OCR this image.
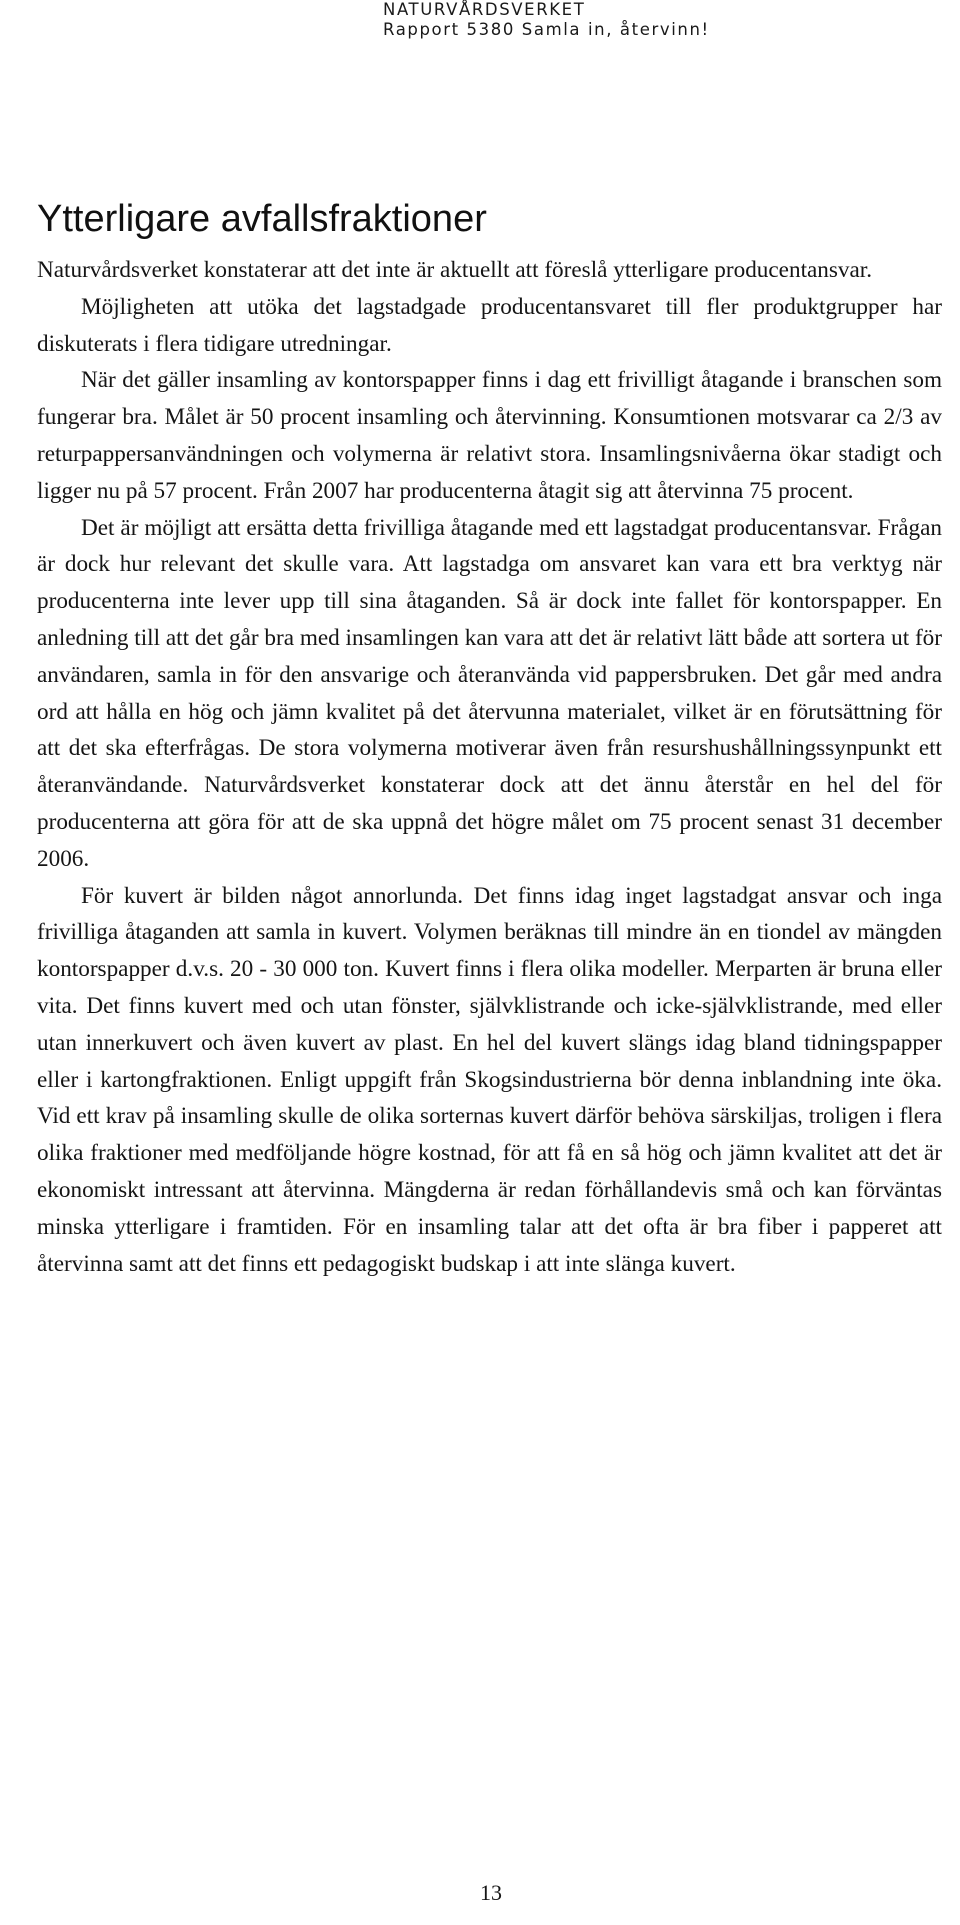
NATURVÅRDSVERKET
Rapport 5380 Samla in, återvinn!
Ytterligare avfallsfraktioner

Naturvårdsverket konstaterar att det inte är aktuellt att föreslå ytterligare producentansvar.

Möjligheten att utöka det lagstadgade producentansvaret till fler produktgrupper har diskuterats i flera tidigare utredningar.

När det gäller insamling av kontorspapper finns i dag ett frivilligt åtagande i branschen som fungerar bra. Målet är 50 procent insamling och återvinning. Konsumtionen motsvarar ca 2/3 av returpappersanvändningen och volymerna är relativt stora. Insamlingsnivåerna ökar stadigt och ligger nu på 57 procent. Från 2007 har producenterna åtagit sig att återvinna 75 procent.

Det är möjligt att ersätta detta frivilliga åtagande med ett lagstadgat producentansvar. Frågan är dock hur relevant det skulle vara. Att lagstadga om ansvaret kan vara ett bra verktyg när producenterna inte lever upp till sina åtaganden. Så är dock inte fallet för kontorspapper. En anledning till att det går bra med insamlingen kan vara att det är relativt lätt både att sortera ut för användaren, samla in för den ansvarige och återanvända vid pappersbruken. Det går med andra ord att hålla en hög och jämn kvalitet på det återvunna materialet, vilket är en förutsättning för att det ska efterfrågas. De stora volymerna motiverar även från resurshushållningssynpunkt ett återanvändande. Naturvårdsverket konstaterar dock att det ännu återstår en hel del för producenterna att göra för att de ska uppnå det högre målet om 75 procent senast 31 december 2006.

För kuvert är bilden något annorlunda. Det finns idag inget lagstadgat ansvar och inga frivilliga åtaganden att samla in kuvert. Volymen beräknas till mindre än en tiondel av mängden kontorspapper d.v.s. 20 - 30 000 ton. Kuvert finns i flera olika modeller. Merparten är bruna eller vita. Det finns kuvert med och utan fönster, självklistrande och icke-självklistrande, med eller utan innerkuvert och även kuvert av plast. En hel del kuvert slängs idag bland tidningspapper eller i kartongfraktionen. Enligt uppgift från Skogsindustrierna bör denna inblandning inte öka. Vid ett krav på insamling skulle de olika sorternas kuvert därför behöva särskiljas, troligen i flera olika fraktioner med medföljande högre kostnad, för att få en så hög och jämn kvalitet att det är ekonomiskt intressant att återvinna. Mängderna är redan förhållandevis små och kan förväntas minska ytterligare i framtiden. För en insamling talar att det ofta är bra fiber i papperet att återvinna samt att det finns ett pedagogiskt budskap i att inte slänga kuvert.

13
